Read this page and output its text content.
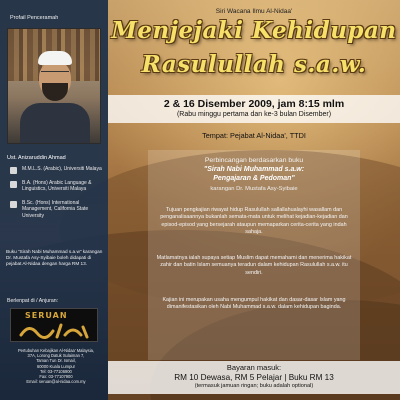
Profail Penceramah
Ust. Anizaruddin Ahmad
M.M.L.S. (Arabic), Universiti Malaya
B.A. (Hons) Arabic Language & Linguistics, Universiti Malaya
B.Sc. (Hons) International Management, California State University
Buku "Sirah Nabi Muhammad s.a.w" karangan Dr. Mustafa Asy-Syibaie boleh didapati di pejabat Al-Nidaa dengan harga RM 13.
Berlenpat di / Anjuran:
SERUAN
Pertubuhan Kebajikan Al-Nidaa' Malaysia,
37A, Lorong Datuk Sulaiman 7,
Taman Tun Dr. Ismail,
60000 Kuala Lumpur
Tel: 03-77106900
Fax: 03-77107900
Email: seruan@al-nidaa.com.my
Siri Wacana Ilmu Al-Nidaa'
Menjejaki Kehidupan
Rasulullah s.a.w.
2 & 16 Disember 2009, jam 8:15 mlm
(Rabu minggu pertama dan ke-3 bulan Disember)
Tempat: Pejabat Al-Nidaa', TTDI
Perbincangan berdasarkan buku
"Sirah Nabi Muhammad s.a.w:
Pengajaran & Pedoman"
karangan Dr. Mustafa Asy-Syibaie
Tujuan pengkajian riwayat hidup Rasulullah sallallahualayhi wasallam dan penganalisaannya bukanlah semata-mata untuk melihat kejadian-kejadian dan episod-episod yang bersejarah ataupun memaparkan cerita-cerita yang indah sahaja.
Matlamatnya ialah supaya setiap Muslim dapat memahami dan menerima hakikat zahir dan batin Islam semuanya teradun dalam kehidupan Rasulullah s.a.w. itu sendiri.
Kajian ini merupakan usaha mengumpul hakikat dan dasar-dasar Islam yang dimanifestasikan oleh Nabi Muhammad s.a.w. dalam kehidupan baginda.
Bayaran masuk:
RM 10 Dewasa, RM 5 Pelajar | Buku RM 13
(termasuk jamuan ringan; buku adalah optional)
